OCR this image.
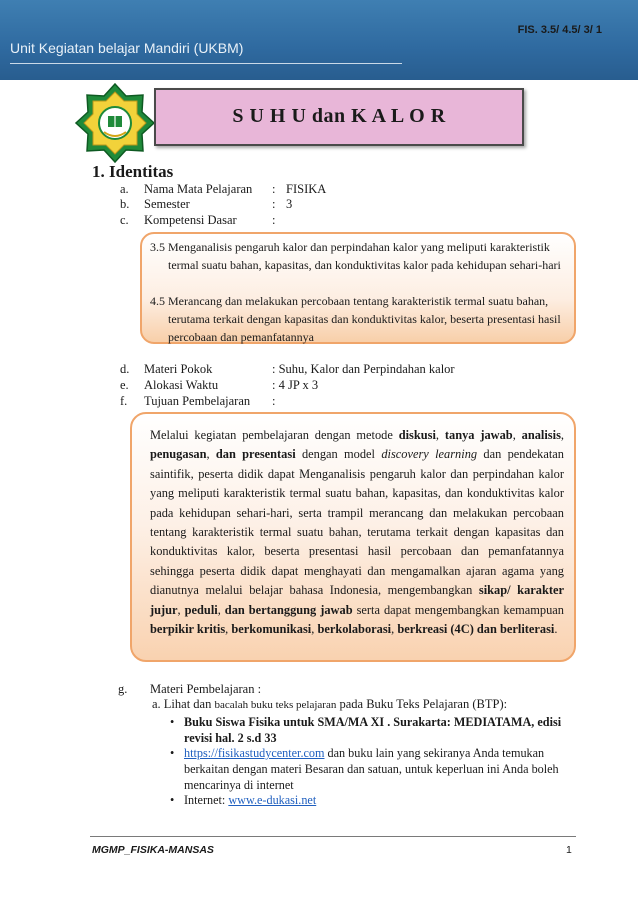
FIS. 3.5/ 4.5/ 3/ 1
Unit Kegiatan belajar Mandiri (UKBM)
S U H U dan K A L O R
1. Identitas
a. Nama Mata Pelajaran : FISIKA
b. Semester	: 3
c. Kompetensi Dasar	:
3.5 Menganalisis pengaruh kalor dan perpindahan kalor yang meliputi karakteristik termal suatu bahan, kapasitas, dan konduktivitas kalor pada kehidupan sehari-hari
4.5 Merancang dan melakukan percobaan tentang karakteristik termal suatu bahan, terutama terkait dengan kapasitas dan konduktivitas kalor, beserta presentasi hasil percobaan dan pemanfatannya
d. Materi Pokok	: Suhu, Kalor dan Perpindahan kalor
e. Alokasi Waktu	: 4 JP x 3
f. Tujuan Pembelajaran :
Melalui kegiatan pembelajaran dengan metode diskusi, tanya jawab, analisis, penugasan, dan presentasi dengan model discovery learning dan pendekatan saintifik, peserta didik dapat Menganalisis pengaruh kalor dan perpindahan kalor yang meliputi karakteristik termal suatu bahan, kapasitas, dan konduktivitas kalor pada kehidupan sehari-hari, serta trampil merancang dan melakukan percobaan tentang karakteristik termal suatu bahan, terutama terkait dengan kapasitas dan konduktivitas kalor, beserta presentasi hasil percobaan dan pemanfatannya sehingga peserta didik dapat menghayati dan mengamalkan ajaran agama yang dianutnya melalui belajar bahasa Indonesia, mengembangkan sikap/ karakter jujur, peduli, dan bertanggung jawab serta dapat mengembangkan kemampuan berpikir kritis, berkomunikasi, berkolaborasi, berkreasi (4C) dan berliterasi.
g. Materi Pembelajaran :
a. Lihat dan bacalah buku teks pelajaran pada Buku Teks Pelajaran (BTP):
• Buku Siswa Fisika untuk SMA/MA XI . Surakarta: MEDIATAMA, edisi revisi hal. 2 s.d 33
• https://fisikastudycenter.com dan buku lain yang sekiranya Anda temukan berkaitan dengan materi Besaran dan satuan, untuk keperluan ini Anda boleh mencarinya di internet
• Internet: www.e-dukasi.net
MGMP_FISIKA-MANSAS	1
